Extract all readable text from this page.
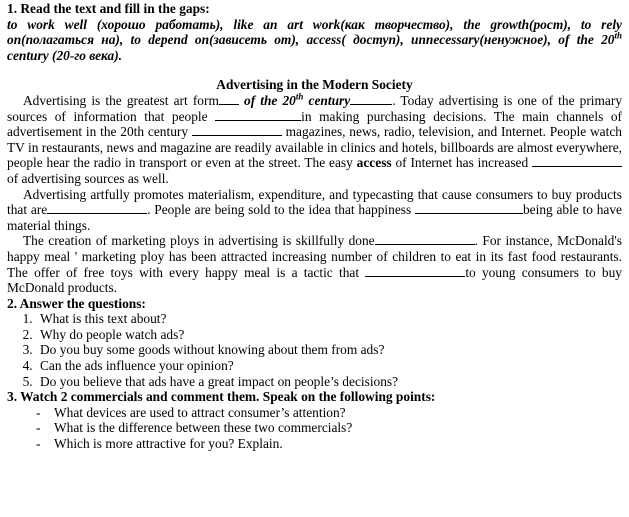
1. Read the text and fill in the gaps:

to work well (хорошо работать), like an art work(как творчество), the growth(рост), to rely on(полагаться на), to depend on(зависеть от), access( доступ), unnecessary(ненужное), of the 20th century (20-го века).

Advertising in the Modern Society

Advertising is the greatest art form of the 20th century	. Today advertising is one of the primary sources of information that people	in making purchasing decisions. The main channels of advertisement in the 20th century	magazines, news, radio, television, and Internet. People watch TV in restaurants, news and magazine are readily available in clinics and hotels, billboards are almost everywhere, people hear the radio in transport or even at the street. The easy access of Internet has increased of advertising sources as well.

Advertising artfully promotes materialism, expenditure, and typecasting that cause consumers to buy products that are	. People are being sold to the idea that happiness	being able to have material things.

The creation of marketing ploys in advertising is skillfully done	. For instance, McDonald's happy meal ' marketing ploy has been attracted increasing number of children to eat in its fast food restaurants. The offer of free toys with every happy meal is a tactic that	to young consumers to buy McDonald products.

2. Answer the questions:

1. What is this text about?
2. Why do people watch ads?
3. Do you buy some goods without knowing about them from ads?
4. Can the ads influence your opinion?
5. Do you believe that ads have a great impact on people’s decisions?

3. Watch 2 commercials and comment them. Speak on the following points:

- What devices are used to attract consumer’s attention?
- What is the difference between these two commercials?
- Which is more attractive for you? Explain.
